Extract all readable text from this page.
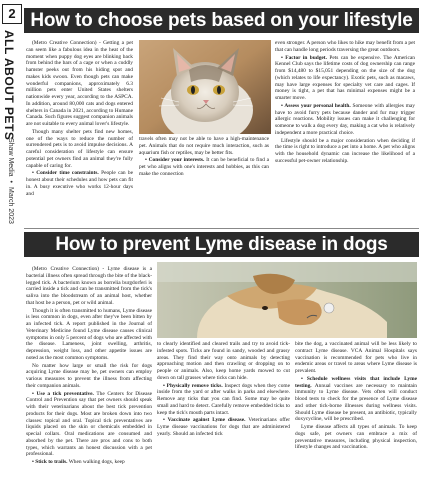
2
ALL ABOUT PETS
Shaw Media•March 2023
How to choose pets based on your lifestyle

(Metro Creative Connection) - Getting a pet can seem like a fabulous idea in the heat of the moment when puppy dog eyes are blinking back from behind the bars of a cage or when a cuddly hamster peeks out from his hiding spot and makes kids swoon. Even though pets can make wonderful companions, approximately 6.3 million pets enter United States shelters nationwide every year, according to the ASPCA. In addition, around 80,000 cats and dogs entered shelters in Canada in 2021, according to Humane Canada. Such figures suggest companion animals are not suitable to every animal lover's lifestyle.

Though many shelter pets find new homes, one of the ways to reduce the number of surrendered pets is to avoid impulse decisions. A careful consideration of lifestyle can ensure potential pet owners find an animal they're fully capable of caring for.

• Consider time constraints. People can be honest about their schedules and how pets can fit in. A busy executive who works 12-hour days and

travels often may not be able to have a high-maintenance pet. Animals that do not require much interaction, such as aquarium fish or reptiles, may be better fits.

• Consider your interests. It can be beneficial to find a pet who aligns with one's interests and hobbies, as this can make the connection

even stronger. A person who likes to hike may benefit from a pet that can handle long periods traversing the great outdoors.

• Factor in budget. Pets can be expensive. The American Kennel Club says the lifetime costs of dog ownership can range from $14,480 to $15,051 depending on the size of the dog (which relates to life expectancy). Exotic pets, such as macaws, may have large expenses for specialty vet care and cages. If money is tight, a pet that has minimal expenses might be a smarter move.

• Assess your personal health. Someone with allergies may have to avoid furry pets because dander and fur may trigger allergic reactions. Mobility issues can make it challenging for someone to walk a dog every day, making a cat who is relatively independent a more practical choice.

Lifestyle should be a major consideration when deciding if the time is right to introduce a pet into a home. A pet who aligns with the household dynamic can increase the likelihood of a successful pet-owner relationship.

How to prevent Lyme disease in dogs

(Metro Creative Connection) - Lyme disease is a bacterial illness often spread through the bite of the black-legged tick. A bacterium known as borrelia burgdorferi is carried inside a tick and can be transmitted from the tick's saliva into the bloodstream of an animal host, whether that host be a person, pet or wild animal.

Though it is often transmitted to humans, Lyme disease is less common in dogs, even after they've been bitten by an infected tick. A report published in the Journal of Veterinary Medicine found Lyme disease causes clinical symptoms in only 5 percent of dogs who are affected with the disease. Lameness, joint swelling, arthritis, depression, weight loss, and other appetite issues are noted as the most common symptoms.

No matter how large or small the risk for dogs acquiring Lyme disease may be, pet owners can employ various measures to prevent the illness from affecting their companion animals.

• Use a tick preventative. The Centers for Disease Control and Prevention say that pet owners should speak with their veterinarians about the best tick prevention products for their dogs. Most are broken down into two classes: topical and oral. Topical tick preventatives are liquids placed on the skin or chemicals embedded in special collars. Oral medications are consumed and absorbed by the pet. There are pros and cons to both types, which warrants an honest discussion with a pet professional.

• Stick to trails. When walking dogs, keep

to clearly identified and cleared trails and try to avoid tick-infested spots. Ticks are found in sandy, wooded and grassy areas. They find their way onto animals by detecting approaching motion and then crawling or dropping on to people or animals. Also, keep home yards mowed to cut down on tall grasses where ticks can hide.

• Physically remove ticks. Inspect dogs when they come inside from the yard or after walks in parks and elsewhere. Remove any ticks that you can find. Some may be quite small and hard to detect. Carefully remove embedded ticks to keep the tick's mouth parts intact.

• Vaccinate against Lyme disease. Veterinarians offer Lyme disease vaccinations for dogs that are administered yearly. Should an infected tick

bite the dog, a vaccinated animal will be less likely to contract Lyme disease. VCA Animal Hospitals says vaccination is recommended for pets who live in endemic areas or travel to areas where Lyme disease is prevalent.

• Schedule wellness visits that include Lyme testing. Annual vaccines are necessary to maintain immunity to Lyme disease. Vets often will conduct blood tests to check for the presence of Lyme disease and other tick-borne illnesses during wellness visits. Should Lyme disease be present, an antibiotic, typically doxycycline, will be prescribed.

Lyme disease affects all types of animals. To keep dogs safe, pet owners can embrace a mix of preventative measures, including physical inspection, lifestyle changes and vaccination.
